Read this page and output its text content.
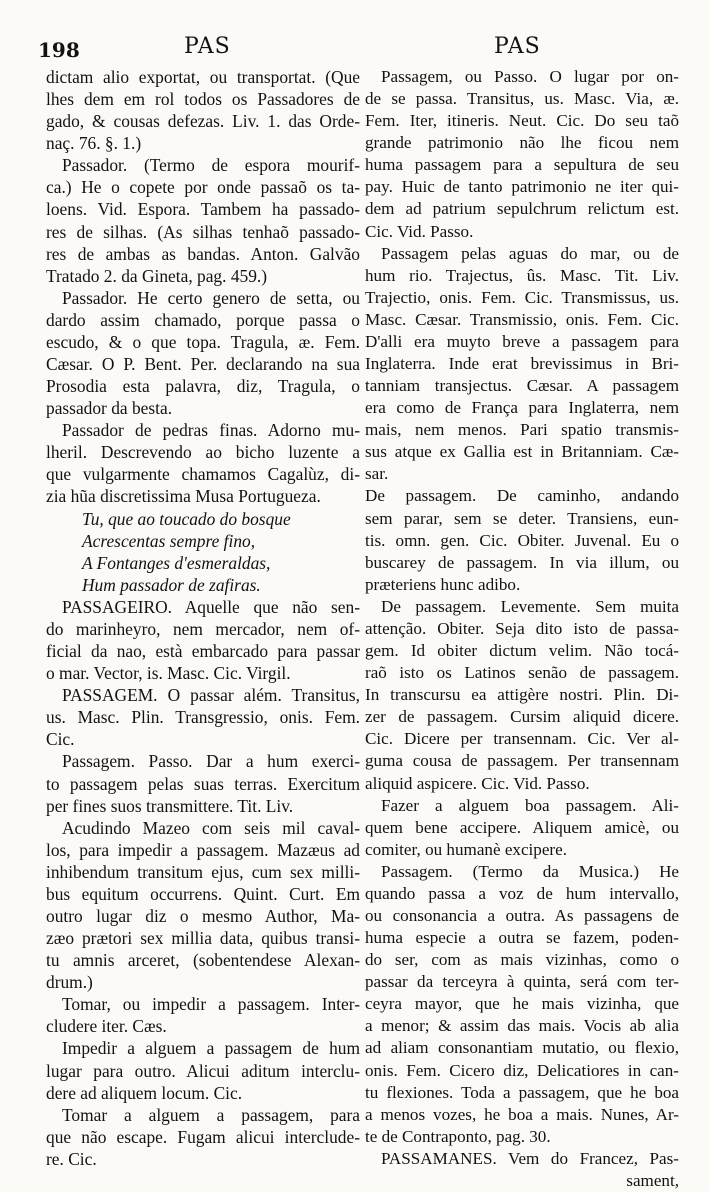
198	PAS	PAS
dictam alio exportat, ou transportat. (Que
lhes dem em rol todos os Passadores de
gado, & cousas defezas. Liv. 1. das Orde-
naç. 76. §. 1.)
Passador. (Termo de espora mourif-
ca.) He o copete por onde passaõ os ta-
loens. Vid. Espora. Tambem ha passado-
res de silhas. (As silhas tenhaõ passado-
res de ambas as bandas. Anton. Galvão
Tratado 2. da Gineta, pag. 459.)
Passador. He certo genero de setta, ou
dardo assim chamado, porque passa o
escudo, & o que topa. Tragula, æ. Fem.
Cæsar. O P. Bent. Per. declarando na sua
Prosodia esta palavra, diz, Tragula, o
passador da besta.
Passador de pedras finas. Adorno mu-
lheril. Descrevendo ao bicho luzente a
que vulgarmente chamamos Cagalùz, di-
zia hũa discretissima Musa Portugueza.
Tu, que ao toucado do bosque
Acrescentas sempre fino,
A Fontanges d'esmeraldas,
Hum passador de zafiras.
PASSAGEIRO. Aquelle que não sen-
do marinheyro, nem mercador, nem of-
ficial da nao, està embarcado para passar
o mar. Vector, is. Masc. Cic. Virgil.
PASSAGEM. O passar além. Transitus,
us. Masc. Plin. Transgressio, onis. Fem.
Cic.
Passagem. Passo. Dar a hum exerci-
to passagem pelas suas terras. Exercitum
per fines suos transmittere. Tit. Liv.
Acudindo Mazeo com seis mil caval-
los, para impedir a passagem. Mazæus ad
inhibendum transitum ejus, cum sex milli-
bus equitum occurrens. Quint. Curt. Em
outro lugar diz o mesmo Author, Ma-
zæo prætori sex millia data, quibus transi-
tu amnis arceret, (sobentendese Alexan-
drum.)
Tomar, ou impedir a passagem. Inter-
cludere iter. Cæs.
Impedir a alguem a passagem de hum
lugar para outro. Alicui aditum interclu-
dere ad aliquem locum. Cic.
Tomar a alguem a passagem, para
que não escape. Fugam alicui interclude-
re. Cic.
Passagem, ou Passo. O lugar por on-
de se passa. Transitus, us. Masc. Via, æ.
Fem. Iter, itineris. Neut. Cic. Do seu taõ
grande patrimonio não lhe ficou nem
huma passagem para a sepultura de seu
pay. Huic de tanto patrimonio ne iter qui-
dem ad patrium sepulchrum relictum est.
Cic. Vid. Passo.
Passagem pelas aguas do mar, ou de
hum rio. Trajectus, ûs. Masc. Tit. Liv.
Trajectio, onis. Fem. Cic. Transmissus, us.
Masc. Cæsar. Transmissio, onis. Fem. Cic.
D'alli era muyto breve a passagem para
Inglaterra. Inde erat brevissimus in Bri-
tanniam transjectus. Cæsar. A passagem
era como de França para Inglaterra, nem
mais, nem menos. Pari spatio transmis-
sus atque ex Gallia est in Britanniam. Cæ-
sar.
De passagem. De caminho, andando
sem parar, sem se deter. Transiens, eun-
tis. omn. gen. Cic. Obiter. Juvenal. Eu o
buscarey de passagem. In via illum, ou
præteriens hunc adibo.
De passagem. Levemente. Sem muita
attenção. Obiter. Seja dito isto de passa-
gem. Id obiter dictum velim. Não tocá-
raõ isto os Latinos senão de passagem.
In transcursu ea attigère nostri. Plin. Di-
zer de passagem. Cursim aliquid dicere.
Cic. Dicere per transennam. Cic. Ver al-
guma cousa de passagem. Per transennam
aliquid aspicere. Cic. Vid. Passo.
Fazer a alguem boa passagem. Ali-
quem bene accipere. Aliquem amicè, ou
comiter, ou humanè excipere.
Passagem. (Termo da Musica.) He
quando passa a voz de hum intervallo,
ou consonancia a outra. As passagens de
huma especie a outra se fazem, poden-
do ser, com as mais vizinhas, como o
passar da terceyra à quinta, será com ter-
ceyra mayor, que he mais vizinha, que
a menor; & assim das mais. Vocis ab alia
ad aliam consonantiam mutatio, ou flexio,
onis. Fem. Cicero diz, Delicatiores in can-
tu flexiones. Toda a passagem, que he boa
a menos vozes, he boa a mais. Nunes, Ar-
te de Contraponto, pag. 30.
PASSAMANES. Vem do Francez, Pas-
sament,
